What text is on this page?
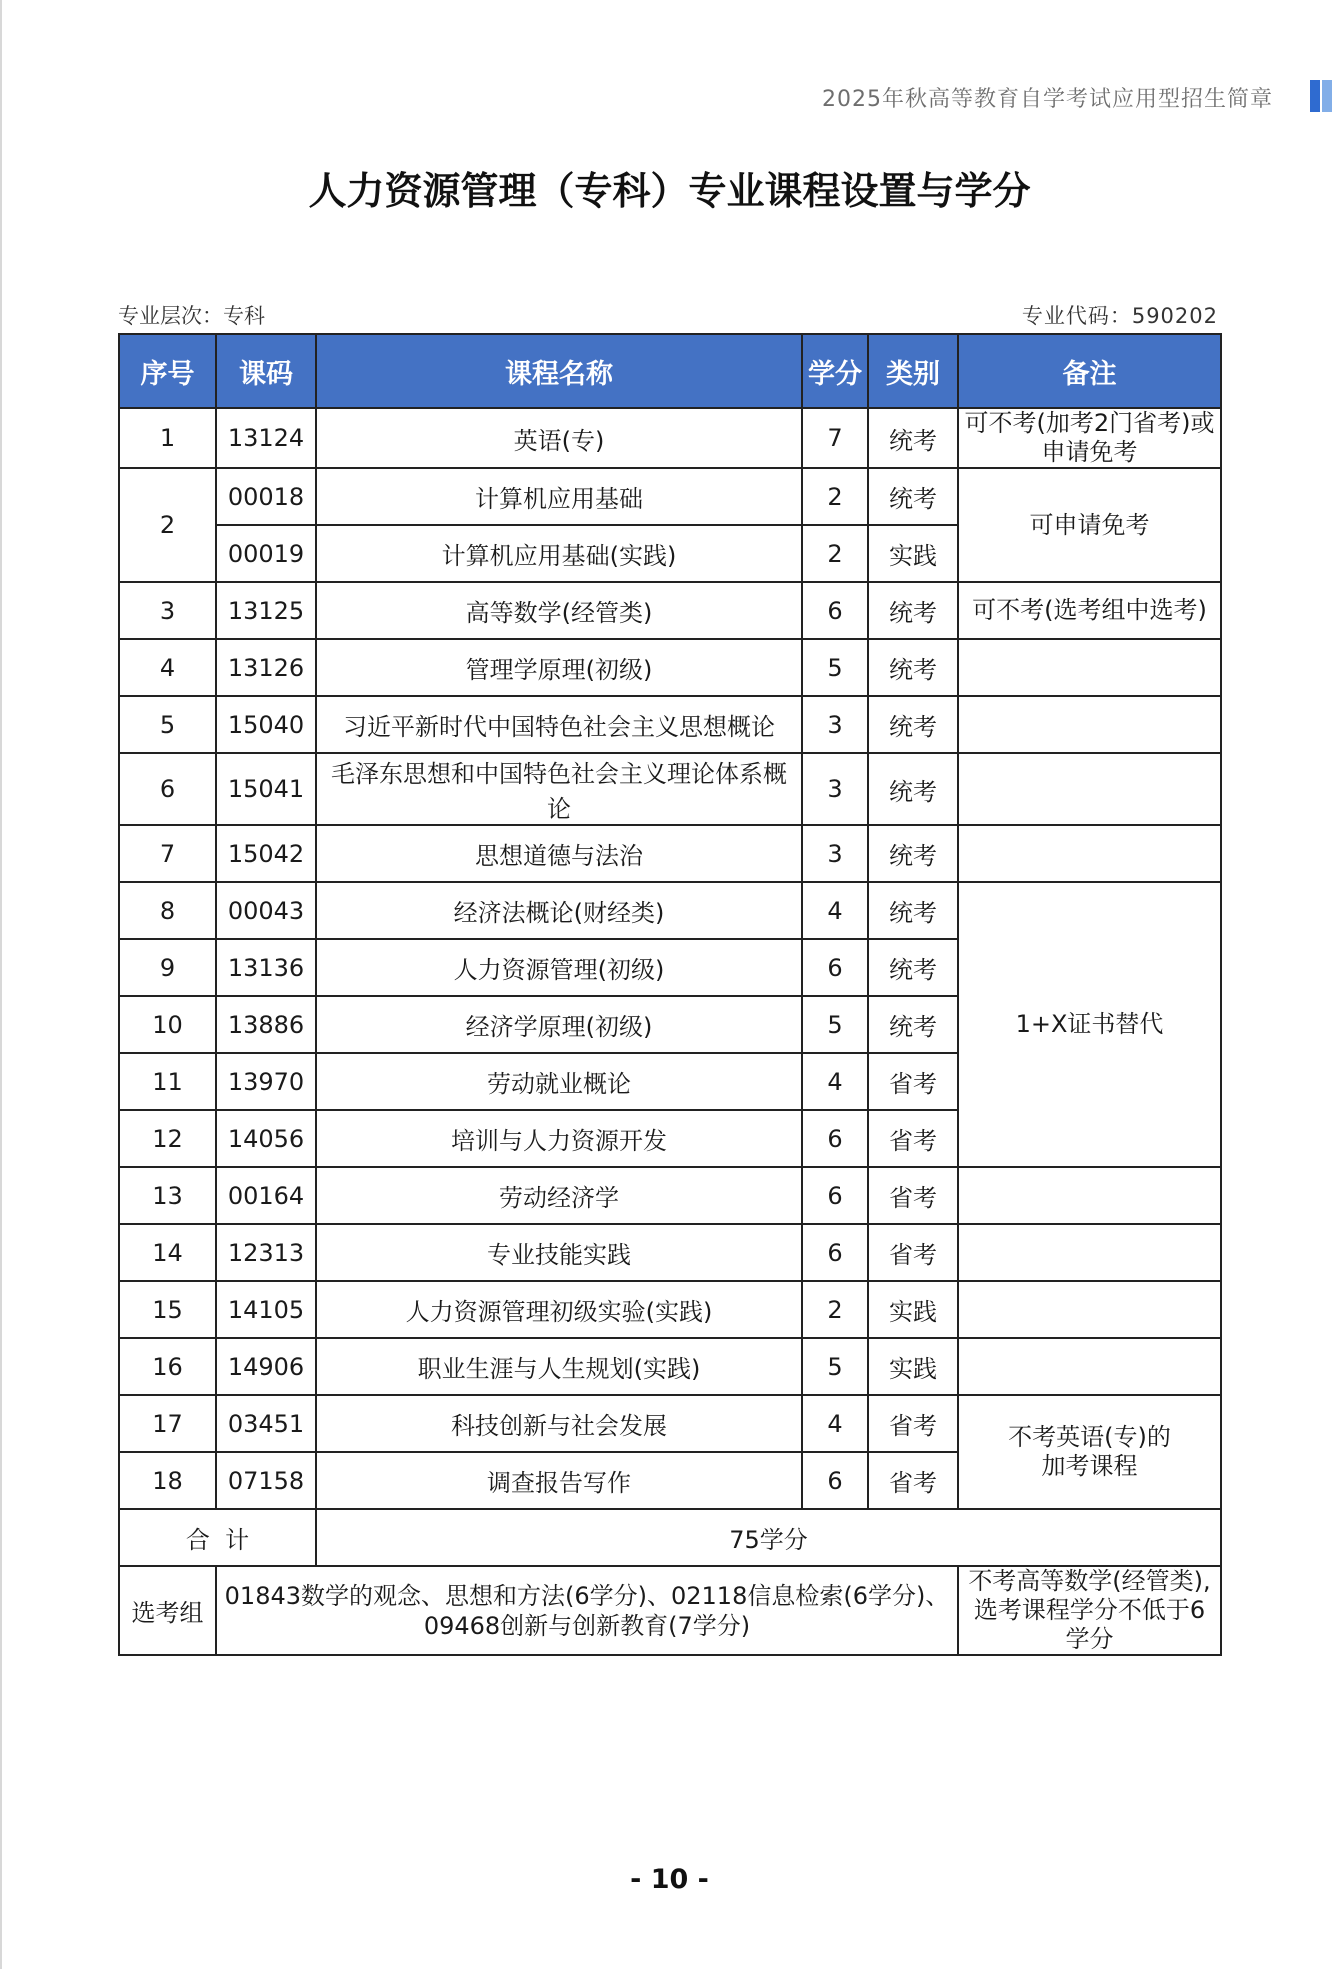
2025年秋高等教育自学考试应用型招生简章
人力资源管理（专科）专业课程设置与学分
专业层次：专科	专业代码：590202
序号	课码	课程名称	学分	类别	备注
1	13124	英语(专)	7	统考	可不考(加考2门省考)或申请免考
2	00018	计算机应用基础	2	统考	可申请免考
	00019	计算机应用基础(实践)	2	实践	
3	13125	高等数学(经管类)	6	统考	可不考(选考组中选考)
4	13126	管理学原理(初级)	5	统考	
5	15040	习近平新时代中国特色社会主义思想概论	3	统考	
6	15041	毛泽东思想和中国特色社会主义理论体系概论	3	统考	
7	15042	思想道德与法治	3	统考	
8	00043	经济法概论(财经类)	4	统考	1+X证书替代
9	13136	人力资源管理(初级)	6	统考	
10	13886	经济学原理(初级)	5	统考	
11	13970	劳动就业概论	4	省考	
12	14056	培训与人力资源开发	6	省考	
13	00164	劳动经济学	6	省考	
14	12313	专业技能实践	6	省考	
15	14105	人力资源管理初级实验(实践)	2	实践	
16	14906	职业生涯与人生规划(实践)	5	实践	
17	03451	科技创新与社会发展	4	省考	不考英语(专)的加考课程
18	07158	调查报告写作	6	省考	
合  计		75学分			
选考组	01843数学的观念、思想和方法(6学分)、02118信息检索(6学分)、09468创新与创新教育(7学分)				不考高等数学(经管类),选考课程学分不低于6学分
- 10 -
